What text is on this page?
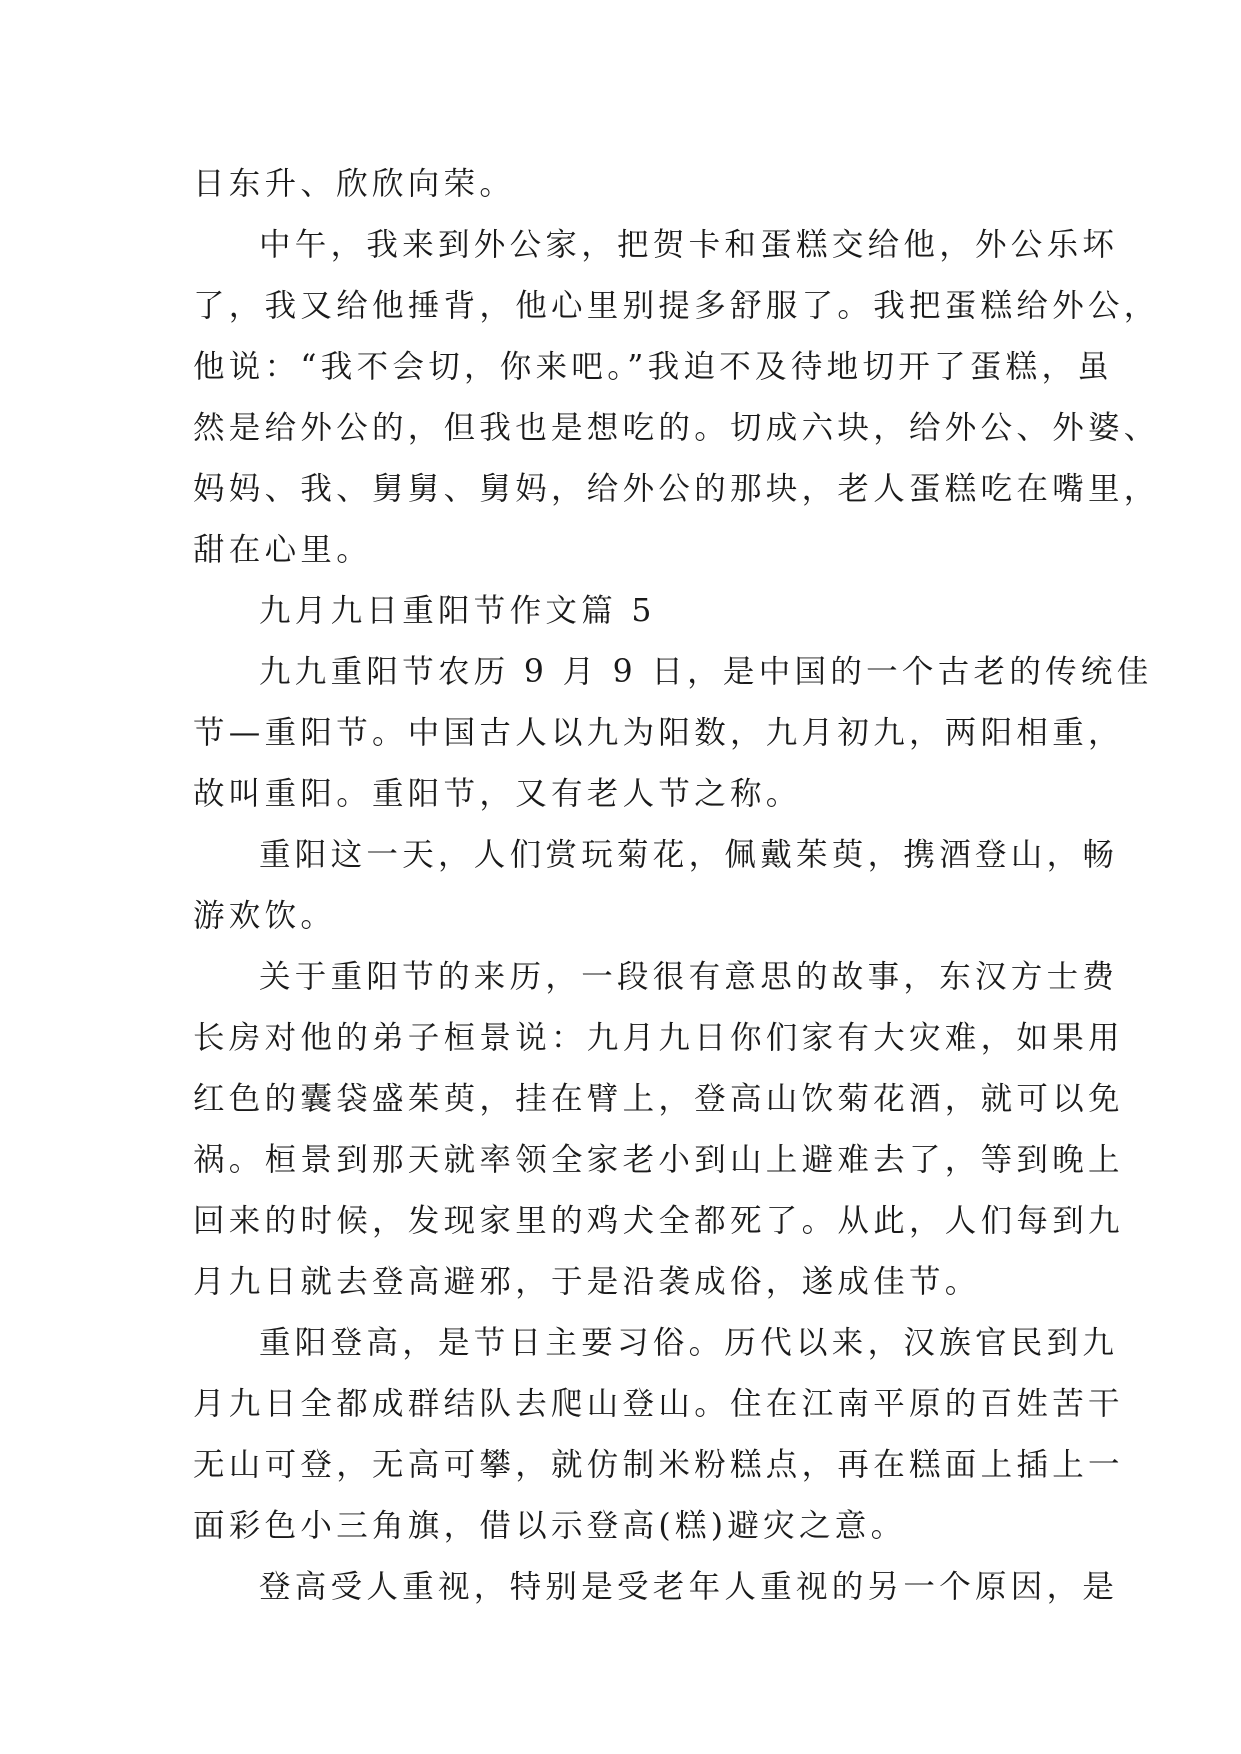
日东升、欣欣向荣。
中午，我来到外公家，把贺卡和蛋糕交给他，外公乐坏
了，我又给他捶背，他心里别提多舒服了。我把蛋糕给外公，
他说：“我不会切，你来吧。”我迫不及待地切开了蛋糕，虽
然是给外公的，但我也是想吃的。切成六块，给外公、外婆、
妈妈、我、舅舅、舅妈，给外公的那块，老人蛋糕吃在嘴里，
甜在心里。
九月九日重阳节作文篇 5
九九重阳节农历 9 月 9 日，是中国的一个古老的传统佳
节—重阳节。中国古人以九为阳数，九月初九，两阳相重，
故叫重阳。重阳节，又有老人节之称。
重阳这一天，人们赏玩菊花，佩戴茱萸，携酒登山，畅
游欢饮。
关于重阳节的来历，一段很有意思的故事，东汉方士费
长房对他的弟子桓景说：九月九日你们家有大灾难，如果用
红色的囊袋盛茱萸，挂在臂上，登高山饮菊花酒，就可以免
祸。桓景到那天就率领全家老小到山上避难去了，等到晚上
回来的时候，发现家里的鸡犬全都死了。从此，人们每到九
月九日就去登高避邪，于是沿袭成俗，遂成佳节。
重阳登高，是节日主要习俗。历代以来，汉族官民到九
月九日全都成群结队去爬山登山。住在江南平原的百姓苦干
无山可登，无高可攀，就仿制米粉糕点，再在糕面上插上一
面彩色小三角旗，借以示登高(糕)避灾之意。
登高受人重视，特别是受老年人重视的另一个原因，是
